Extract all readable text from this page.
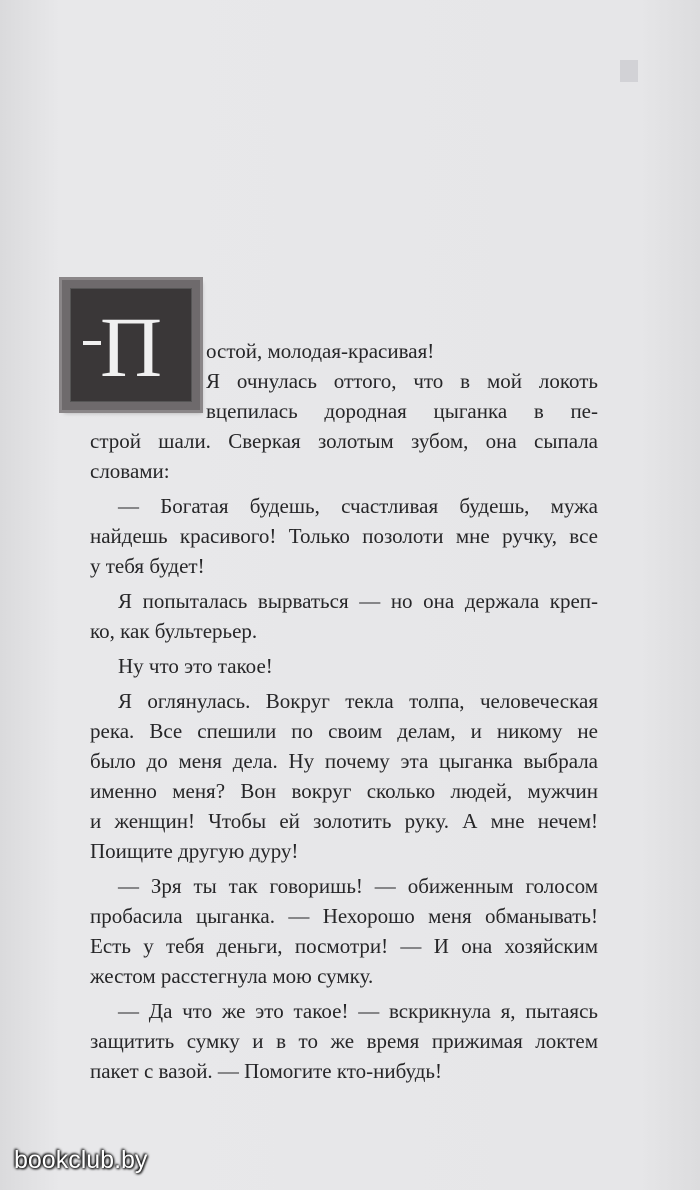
П	остой, молодая-красивая!
Я очнулась оттого, что в мой локоть
вцепилась дородная цыганка в пе-
строй шали. Сверкая золотым зубом, она сыпала
словами:
— Богатая будешь, счастливая будешь, мужа
найдешь красивого! Только позолоти мне ручку, все
у тебя будет!
Я попыталась вырваться — но она держала креп-
ко, как бультерьер.
Ну что это такое!
Я оглянулась. Вокруг текла толпа, человеческая
река. Все спешили по своим делам, и никому не
было до меня дела. Ну почему эта цыганка выбрала
именно меня? Вон вокруг сколько людей, мужчин
и женщин! Чтобы ей золотить руку. А мне нечем!
Поищите другую дуру!
— Зря ты так говоришь! — обиженным голосом
пробасила цыганка. — Нехорошо меня обманывать!
Есть у тебя деньги, посмотри! — И она хозяйским
жестом расстегнула мою сумку.
— Да что же это такое! — вскрикнула я, пытаясь
защитить сумку и в то же время прижимая локтем
пакет с вазой. — Помогите кто-нибудь!
bookclub.by
